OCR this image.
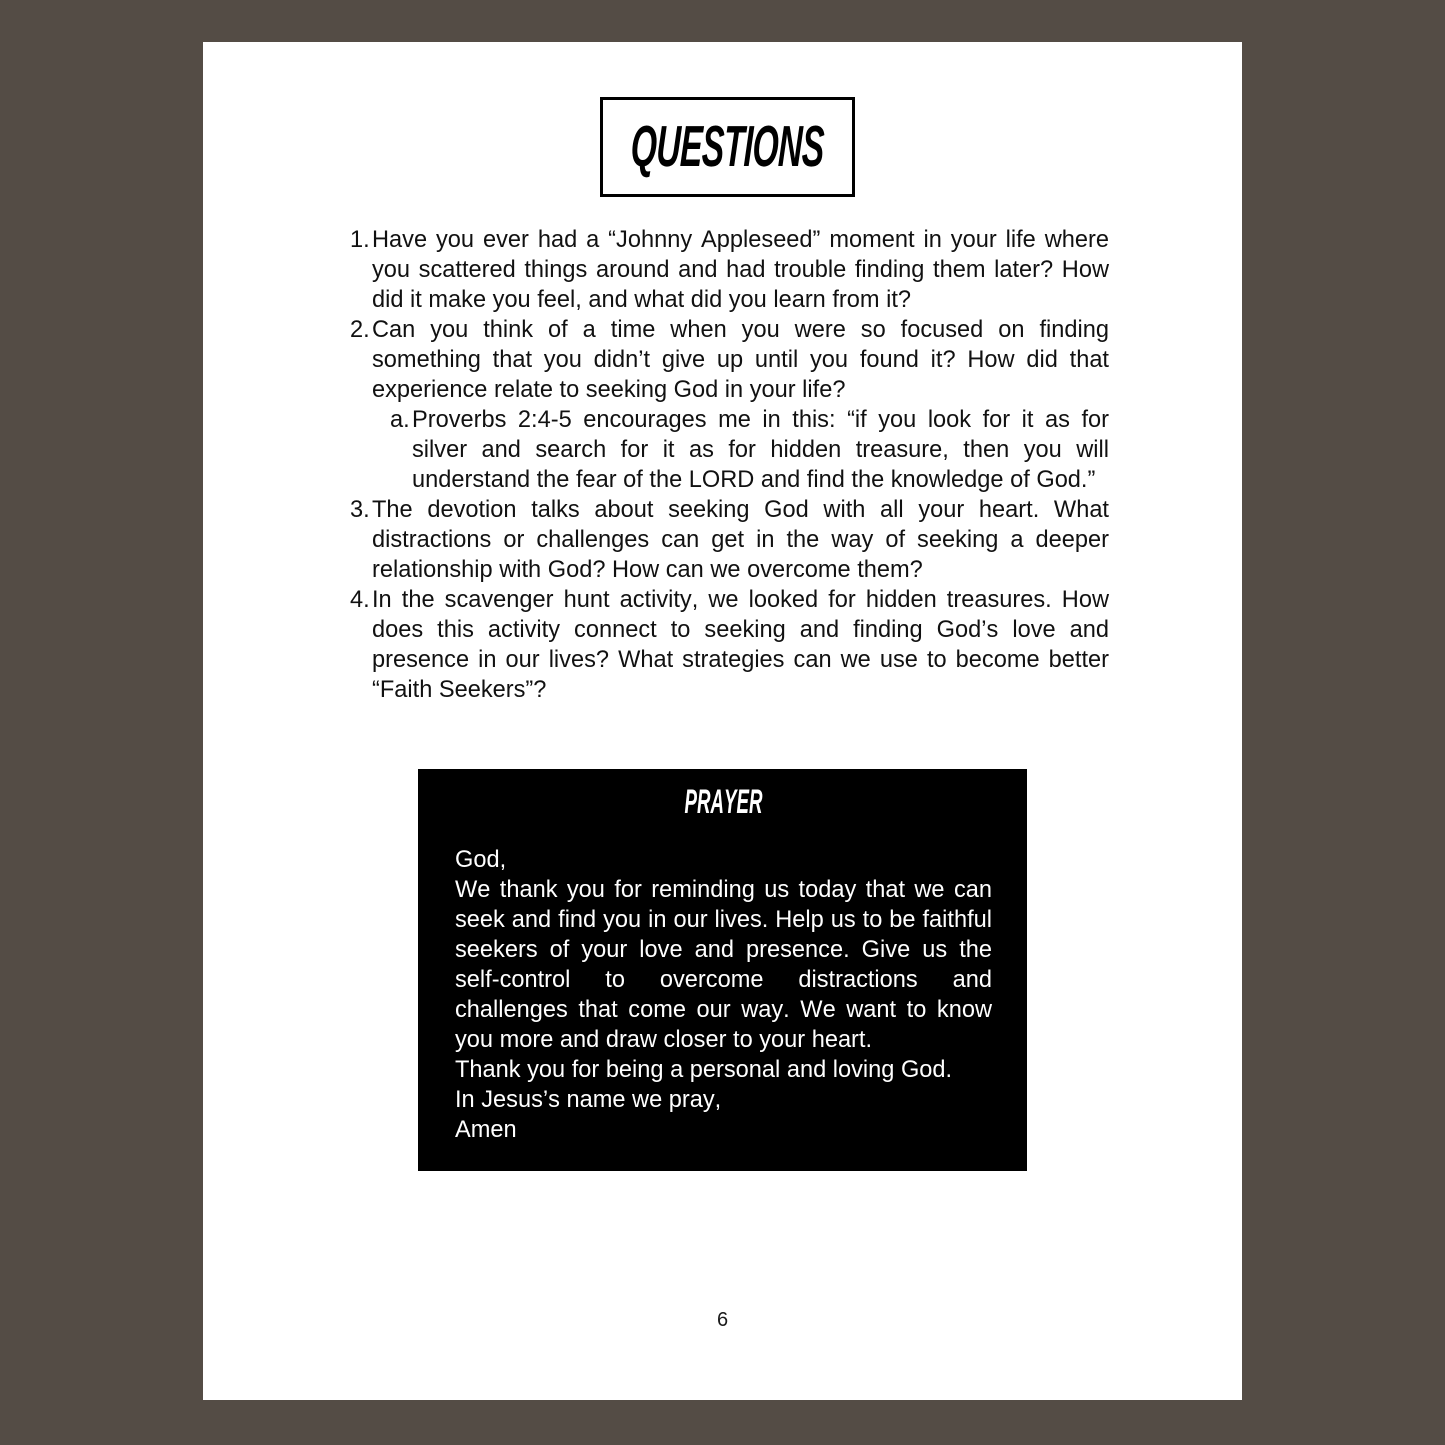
QUESTIONS
1. Have you ever had a “Johnny Appleseed” moment in your life where you scattered things around and had trouble finding them later? How did it make you feel, and what did you learn from it?
2. Can you think of a time when you were so focused on finding something that you didn’t give up until you found it? How did that experience relate to seeking God in your life?
a. Proverbs 2:4-5 encourages me in this: “if you look for it as for silver and search for it as for hidden treasure, then you will understand the fear of the LORD and find the knowledge of God.”
3. The devotion talks about seeking God with all your heart. What distractions or challenges can get in the way of seeking a deeper relationship with God? How can we overcome them?
4. In the scavenger hunt activity, we looked for hidden treasures. How does this activity connect to seeking and finding God’s love and presence in our lives? What strategies can we use to become better “Faith Seekers”?
PRAYER

God,

We thank you for reminding us today that we can seek and find you in our lives. Help us to be faithful seekers of your love and presence. Give us the self-control to overcome distractions and challenges that come our way. We want to know you more and draw closer to your heart.

Thank you for being a personal and loving God.

In Jesus’s name we pray,

Amen

6
